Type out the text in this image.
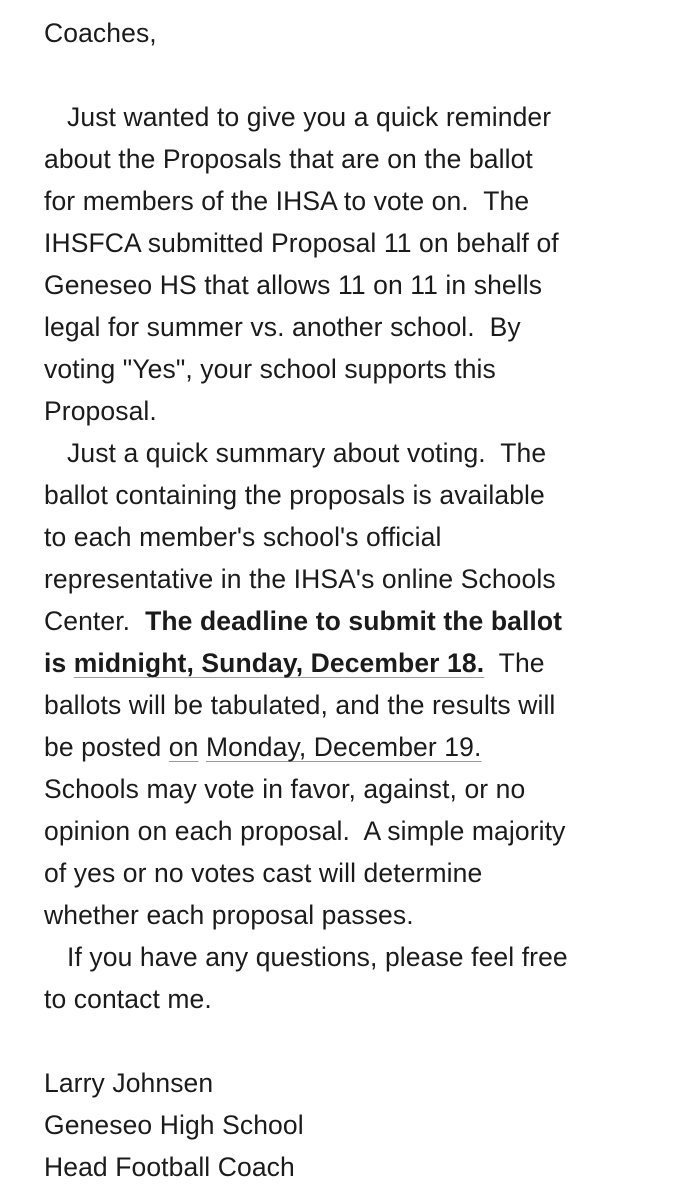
Coaches,
Just wanted to give you a quick reminder
about the Proposals that are on the ballot
for members of the IHSA to vote on.  The
IHSFCA submitted Proposal 11 on behalf of
Geneseo HS that allows 11 on 11 in shells
legal for summer vs. another school.  By
voting "Yes", your school supports this
Proposal.
Just a quick summary about voting.  The
ballot containing the proposals is available
to each member's school's official
representative in the IHSA's online Schools
Center.  The deadline to submit the ballot
is midnight, Sunday, December 18.  The
ballots will be tabulated, and the results will
be posted on Monday, December 19.
Schools may vote in favor, against, or no
opinion on each proposal.  A simple majority
of yes or no votes cast will determine
whether each proposal passes.
If you have any questions, please feel free
to contact me.
Larry Johnsen
Geneseo High School
Head Football Coach
